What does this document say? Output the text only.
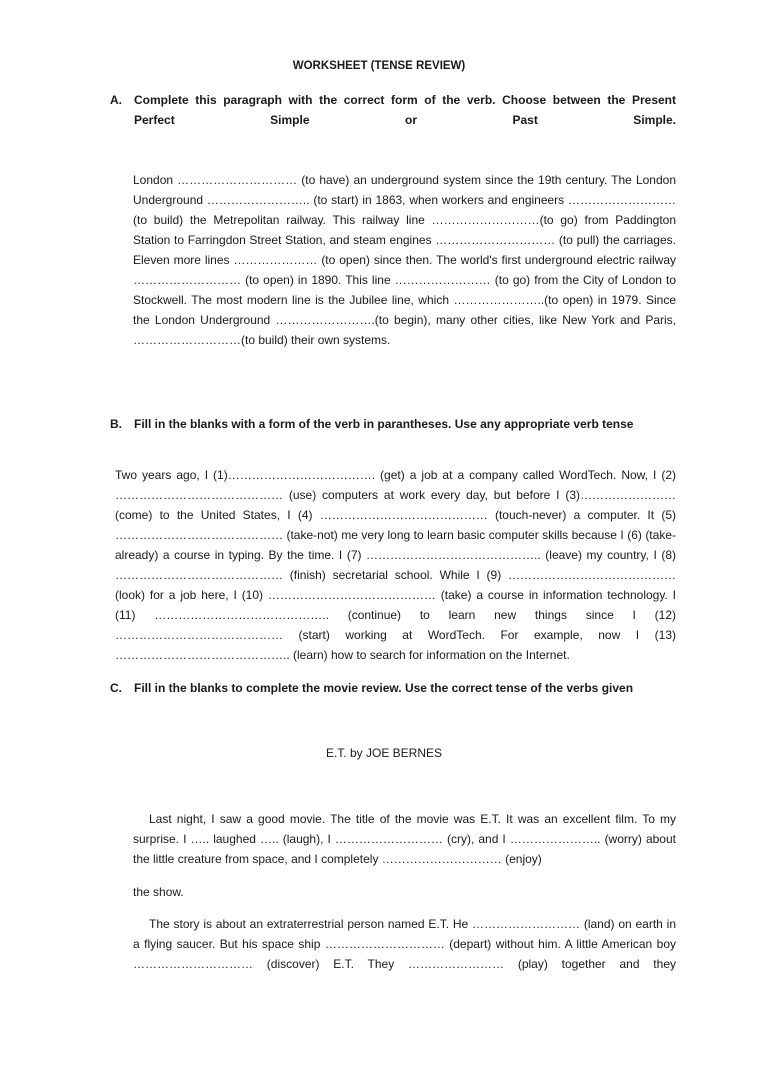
WORKSHEET (TENSE REVIEW)
A.	Complete this paragraph with the correct form of the verb. Choose between the Present
Perfect Simple or Past Simple.
London ………………………… (to have) an underground system since the 19th century. The London Underground …………………….. (to start) in 1863, when workers and engineers ……………………… (to build) the Metrepolitan railway. This railway line ………………………(to go) from Paddington Station to Farringdon Street Station, and steam engines ………………………… (to pull) the carriages. Eleven more lines ………………… (to open) since then. The world's first underground electric railway ……………………… (to open) in 1890. This line …………………… (to go) from the City of London to Stockwell. The most modern line is the Jubilee line, which …………………..(to open) in 1979. Since the London Underground …………………….(to begin), many other cities, like New York and Paris, ………………………(to build) their own systems.
B.	Fill in the blanks with a form of the verb in parantheses. Use any appropriate verb tense
Two years ago, I (1)………………………………. (get) a job at a company called WordTech. Now, I (2) …………………………………… (use) computers at work every day, but before I (3)…………………… (come) to the United States, I (4) …………………………………… (touch-never) a computer. It (5) …………………………………… (take-not) me very long to learn basic computer skills because I (6) (take-already) a course in typing. By the time. I (7) …………………………………….. (leave) my country, I (8) …………………………………… (finish) secretarial school. While I (9) …………………………………… (look) for a job here, I (10) …………………………………… (take) a course in information technology. I (11) …………………………………….. (continue) to learn new things since I (12) …………………………………… (start) working at WordTech. For example, now I (13) …………………………………….. (learn) how to search for information on the Internet.
C.	Fill in the blanks to complete the movie review. Use the correct tense of the verbs given
E.T. by JOE BERNES
Last night, I saw a good movie. The title of the movie was E.T. It was an excellent film. To my surprise. I ….. laughed ….. (laugh), I ……………………… (cry), and I ………………….. (worry) about the little creature from space, and I completely ………………………… (enjoy)
the show.
The story is about an extraterrestrial person named E.T. He ……………………… (land) on earth in a flying saucer. But his space ship ………………………… (depart) without him. A little American boy ………………………… (discover) E.T. They …………………… (play) together and they
